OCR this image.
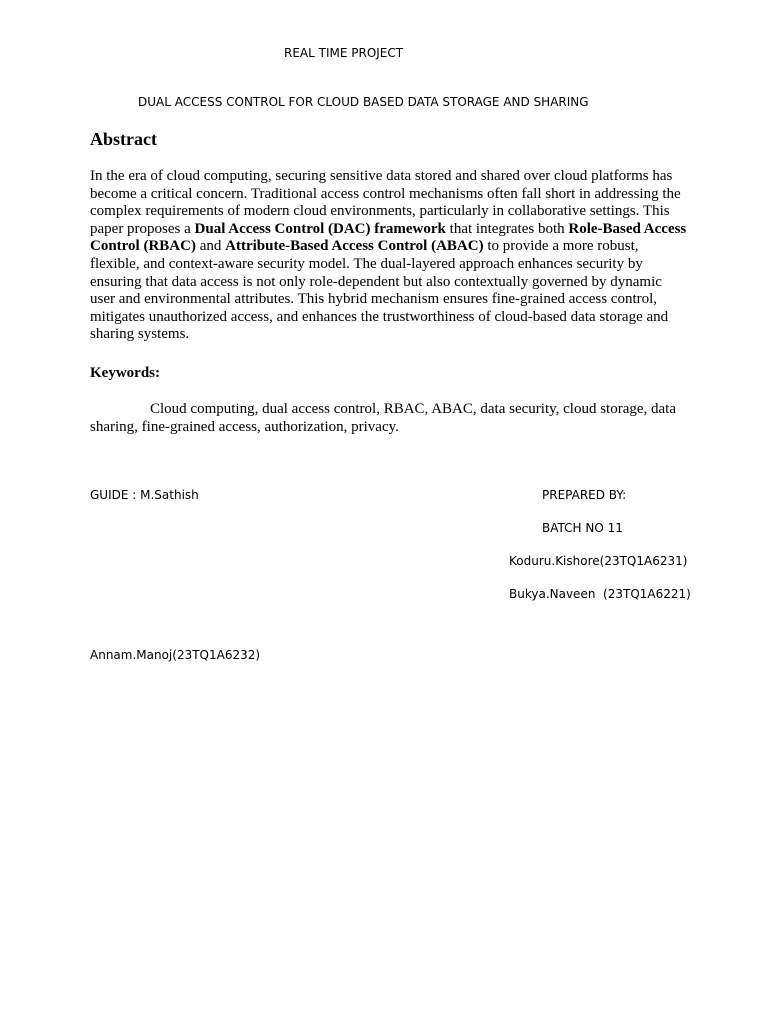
REAL TIME PROJECT
DUAL ACCESS CONTROL FOR CLOUD BASED DATA STORAGE AND SHARING
Abstract

In the era of cloud computing, securing sensitive data stored and shared over cloud platforms has become a critical concern. Traditional access control mechanisms often fall short in addressing the complex requirements of modern cloud environments, particularly in collaborative settings. This paper proposes a Dual Access Control (DAC) framework that integrates both Role-Based Access Control (RBAC) and Attribute-Based Access Control (ABAC) to provide a more robust, flexible, and context-aware security model. The dual-layered approach enhances security by ensuring that data access is not only role-dependent but also contextually governed by dynamic user and environmental attributes. This hybrid mechanism ensures fine-grained access control, mitigates unauthorized access, and enhances the trustworthiness of cloud-based data storage and sharing systems.

Keywords:

Cloud computing, dual access control, RBAC, ABAC, data security, cloud storage, data sharing, fine-grained access, authorization, privacy.

GUIDE : M.Sathish	PREPARED BY:
BATCH NO 11
Koduru.Kishore(23TQ1A6231)
Bukya.Naveen  (23TQ1A6221)
Annam.Manoj(23TQ1A6232)
